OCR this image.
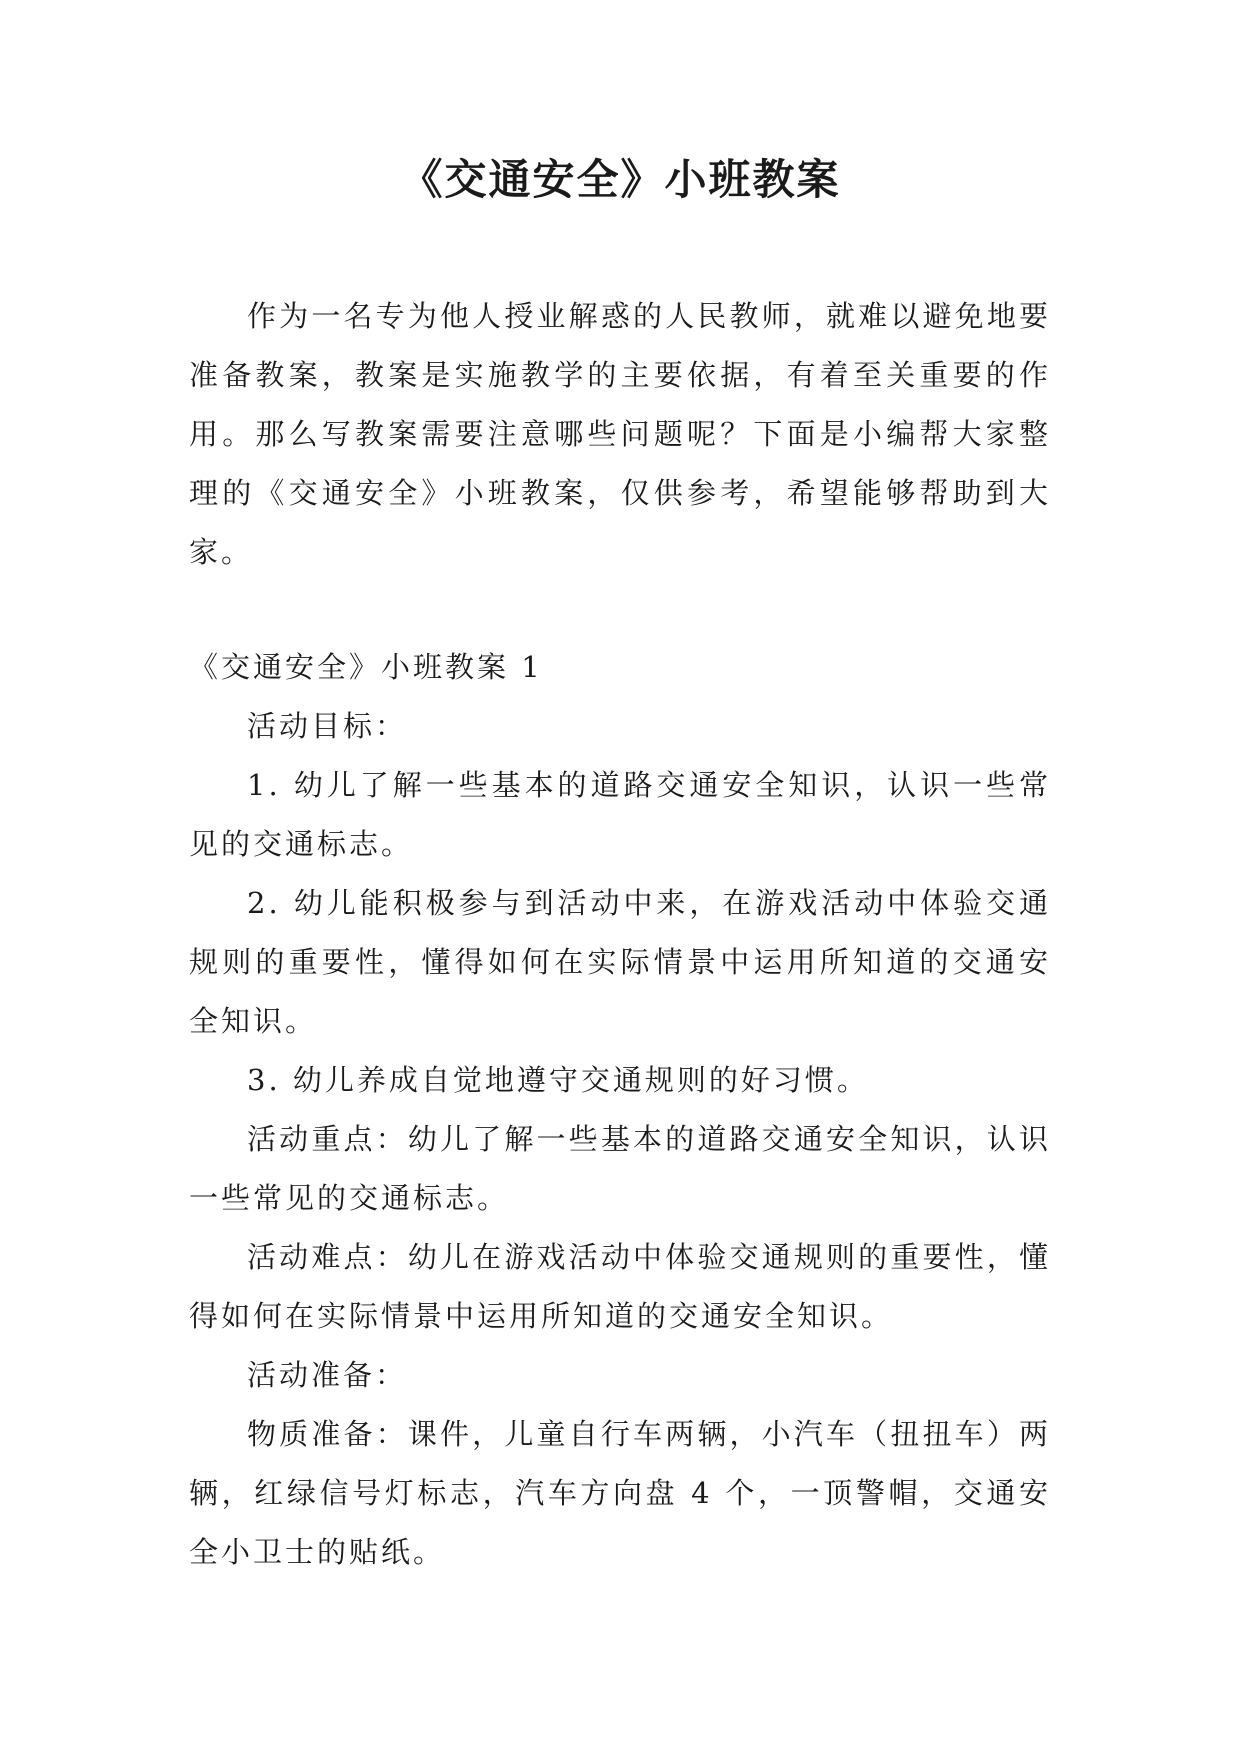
《交通安全》小班教案

作为一名专为他人授业解惑的人民教师，就难以避免地要准备教案，教案是实施教学的主要依据，有着至关重要的作用。那么写教案需要注意哪些问题呢？下面是小编帮大家整理的《交通安全》小班教案，仅供参考，希望能够帮助到大家。

《交通安全》小班教案 1

活动目标：

1. 幼儿了解一些基本的道路交通安全知识，认识一些常见的交通标志。

2. 幼儿能积极参与到活动中来，在游戏活动中体验交通规则的重要性，懂得如何在实际情景中运用所知道的交通安全知识。

3. 幼儿养成自觉地遵守交通规则的好习惯。

活动重点：幼儿了解一些基本的道路交通安全知识，认识一些常见的交通标志。

活动难点：幼儿在游戏活动中体验交通规则的重要性，懂得如何在实际情景中运用所知道的交通安全知识。

活动准备：

物质准备：课件，儿童自行车两辆，小汽车（扭扭车）两辆，红绿信号灯标志，汽车方向盘 4 个，一顶警帽，交通安全小卫士的贴纸。
